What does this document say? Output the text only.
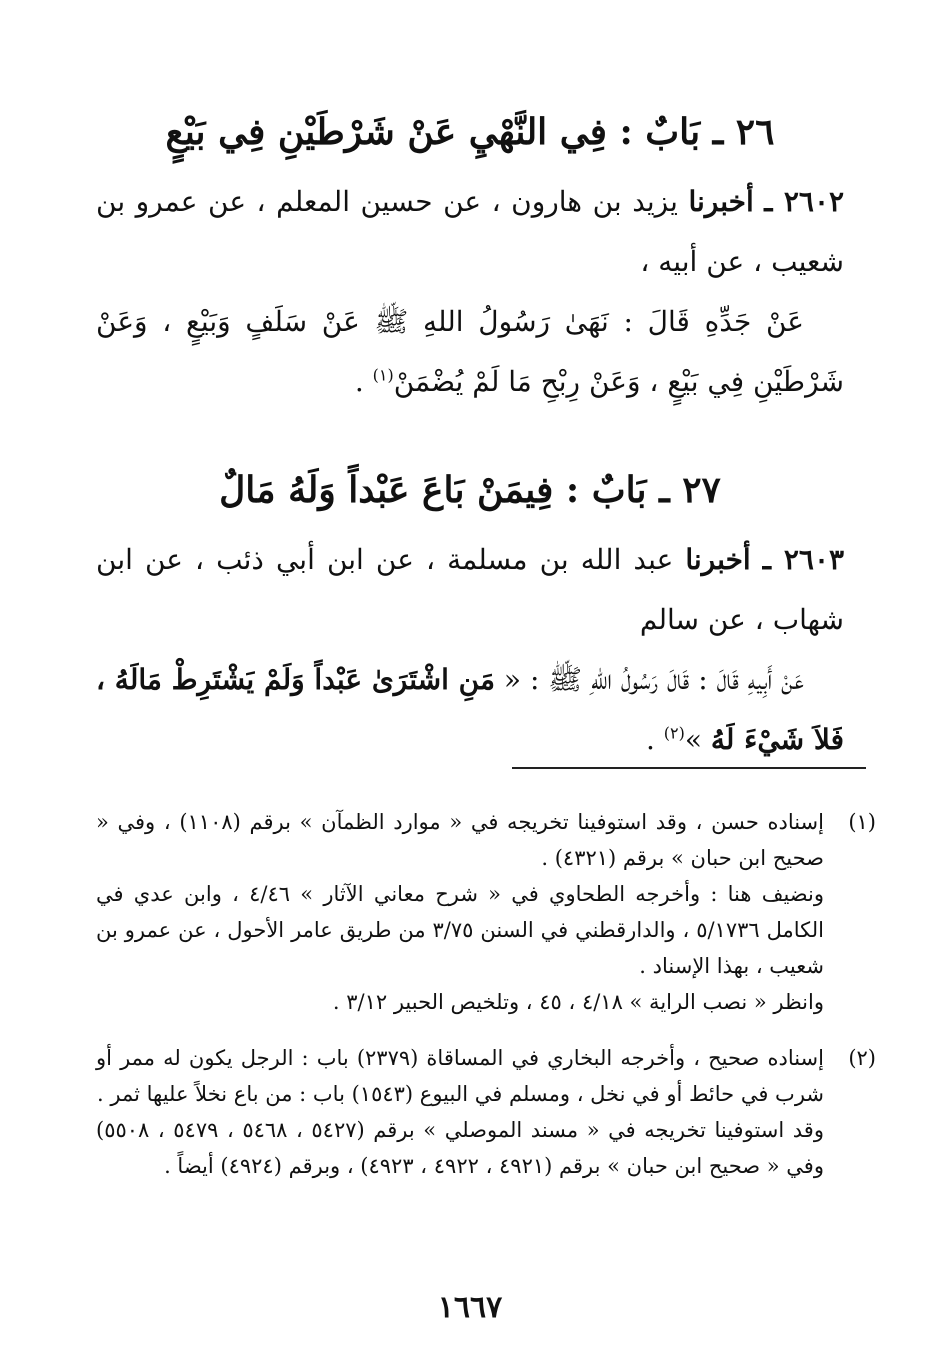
٢٦ ـ بَابٌ : فِي النَّهْيِ عَنْ شَرْطَيْنِ فِي بَيْعٍ
٢٦٠٢ ـ أخبرنا يزيد بن هارون ، عن حسين المعلم ، عن عمرو بن شعيب ، عن أبيه ،
عَنْ جَدِّهِ قَالَ : نَهَىٰ رَسُولُ اللهِ ﷺ عَنْ سَلَفٍ وَبَيْعٍ ، وَعَنْ شَرْطَيْنِ فِي بَيْعٍ ، وَعَنْ رِبْحِ مَا لَمْ يُضْمَنْ$^{(١)}$ .
٢٧ ـ بَابٌ : فِيمَنْ بَاعَ عَبْداً وَلَهُ مَالٌ
٢٦٠٣ ـ أخبرنا عبد الله بن مسلمة ، عن ابن أبي ذئب ، عن ابن شهاب ، عن سالم
عَنْ أَبِيهِ قَالَ : قَالَ رَسُولُ اللهِ ﷺ : « مَنِ اشْتَرَىٰ عَبْداً وَلَمْ يَشْتَرِطْ مَالَهُ ، فَلاَ شَيْءَ لَهُ »$^{(٢)}$ .
(١)
إسناده حسن ، وقد استوفينا تخريجه في « موارد الظمآن » برقم (١١٠٨) ، وفي « صحيح ابن حبان » برقم (٤٣٢١) .
ونضيف هنا : وأخرجه الطحاوي في « شرح معاني الآثار » ٤/٤٦ ، وابن عدي في الكامل ٥/١٧٣٦ ، والدارقطني في السنن ٣/٧٥ من طريق عامر الأحول ، عن عمرو بن شعيب ، بهذا الإسناد .
وانظر « نصب الراية » ٤/١٨ ، ٤٥ ، وتلخيص الحبير ٣/١٢ .
(٢)
إسناده صحيح ، وأخرجه البخاري في المساقاة (٢٣٧٩) باب : الرجل يكون له ممر أو شرب في حائط أو في نخل ، ومسلم في البيوع (١٥٤٣) باب : من باع نخلاً عليها ثمر .
وقد استوفينا تخريجه في « مسند الموصلي » برقم (٥٤٢٧ ، ٥٤٦٨ ، ٥٤٧٩ ، ٥٥٠٨) وفي « صحيح ابن حبان » برقم (٤٩٢١ ، ٤٩٢٢ ، ٤٩٢٣) ، وبرقم (٤٩٢٤) أيضاً .
١٦٦٧
